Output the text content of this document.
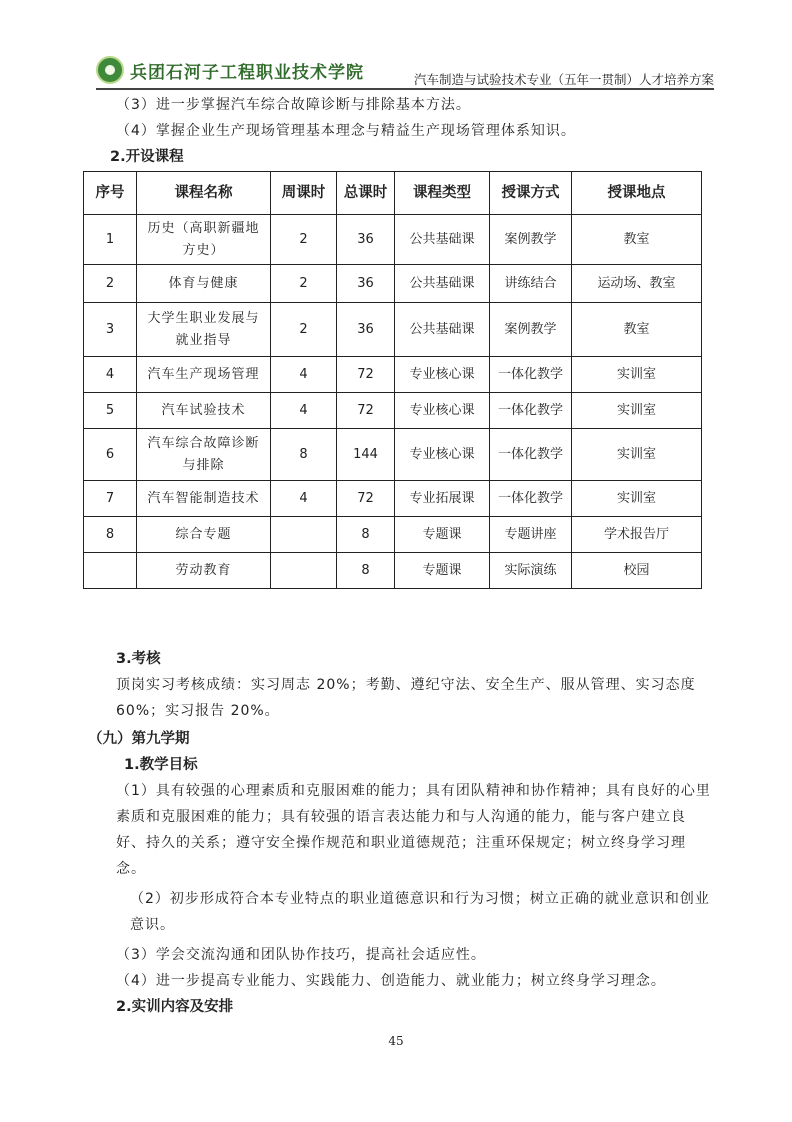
兵团石河子工程职业技术学院	汽车制造与试验技术专业（五年一贯制）人才培养方案

（3）进一步掌握汽车综合故障诊断与排除基本方法。

（4）掌握企业生产现场管理基本理念与精益生产现场管理体系知识。

2.开设课程

序号	课程名称	周课时	总课时	课程类型	授课方式	授课地点
1	历史（高职新疆地方史）	2	36	公共基础课	案例教学	教室
2	体育与健康	2	36	公共基础课	讲练结合	运动场、教室
3	大学生职业发展与就业指导	2	36	公共基础课	案例教学	教室
4	汽车生产现场管理	4	72	专业核心课	一体化教学	实训室
5	汽车试验技术	4	72	专业核心课	一体化教学	实训室
6	汽车综合故障诊断与排除	8	144	专业核心课	一体化教学	实训室
7	汽车智能制造技术	4	72	专业拓展课	一体化教学	实训室
8	综合专题		8	专题课	专题讲座	学术报告厅
	劳动教育		8	专题课	实际演练	校园

3.考核

顶岗实习考核成绩：实习周志 20%；考勤、遵纪守法、安全生产、服从管理、实习态度 60%；实习报告 20%。

（九）第九学期

1.教学目标

（1）具有较强的心理素质和克服困难的能力；具有团队精神和协作精神；具有良好的心里素质和克服困难的能力；具有较强的语言表达能力和与人沟通的能力，能与客户建立良好、持久的关系；遵守安全操作规范和职业道德规范；注重环保规定；树立终身学习理念。

（2）初步形成符合本专业特点的职业道德意识和行为习惯；树立正确的就业意识和创业意识。

（3）学会交流沟通和团队协作技巧，提高社会适应性。

（4）进一步提高专业能力、实践能力、创造能力、就业能力；树立终身学习理念。

2.实训内容及安排

45
